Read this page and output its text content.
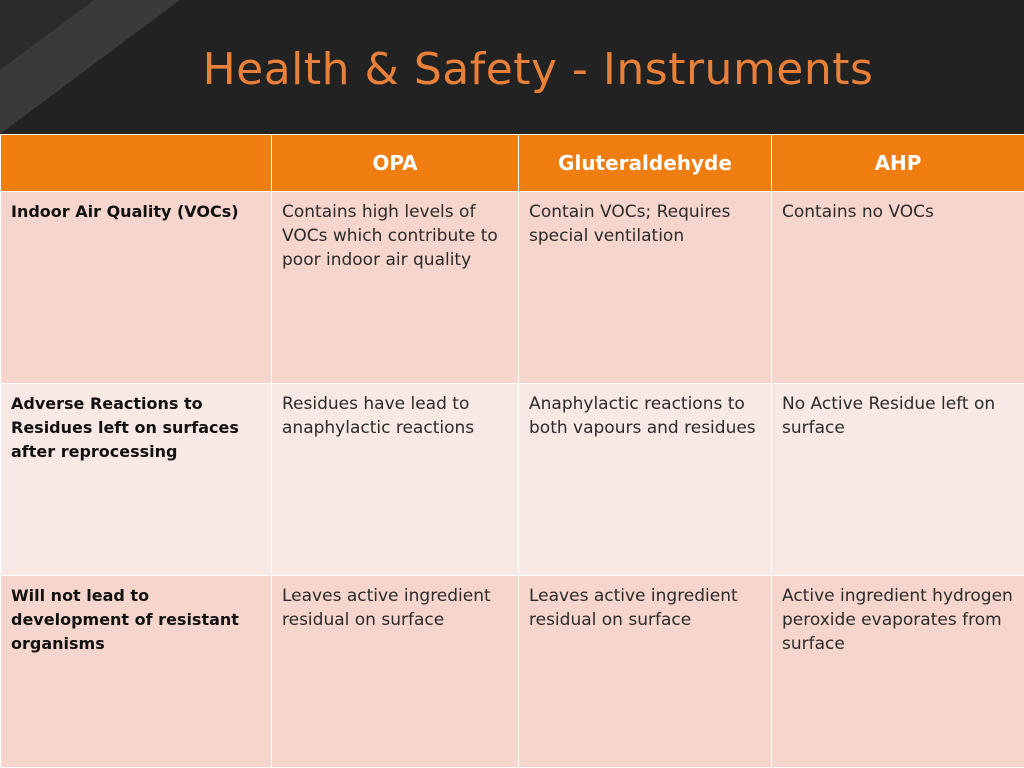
Health & Safety - Instruments
	OPA	Gluteraldehyde	AHP
Indoor Air Quality (VOCs)	Contains high levels of VOCs which contribute to poor indoor air quality	Contain VOCs; Requires special ventilation	Contains no VOCs
Adverse Reactions to Residues left on surfaces after reprocessing	Residues have lead to anaphylactic reactions	Anaphylactic reactions to both vapours and residues	No Active Residue left on surface
Will not lead to development of resistant organisms	Leaves active ingredient residual on surface	Leaves active ingredient residual on surface	Active ingredient hydrogen peroxide evaporates from surface
